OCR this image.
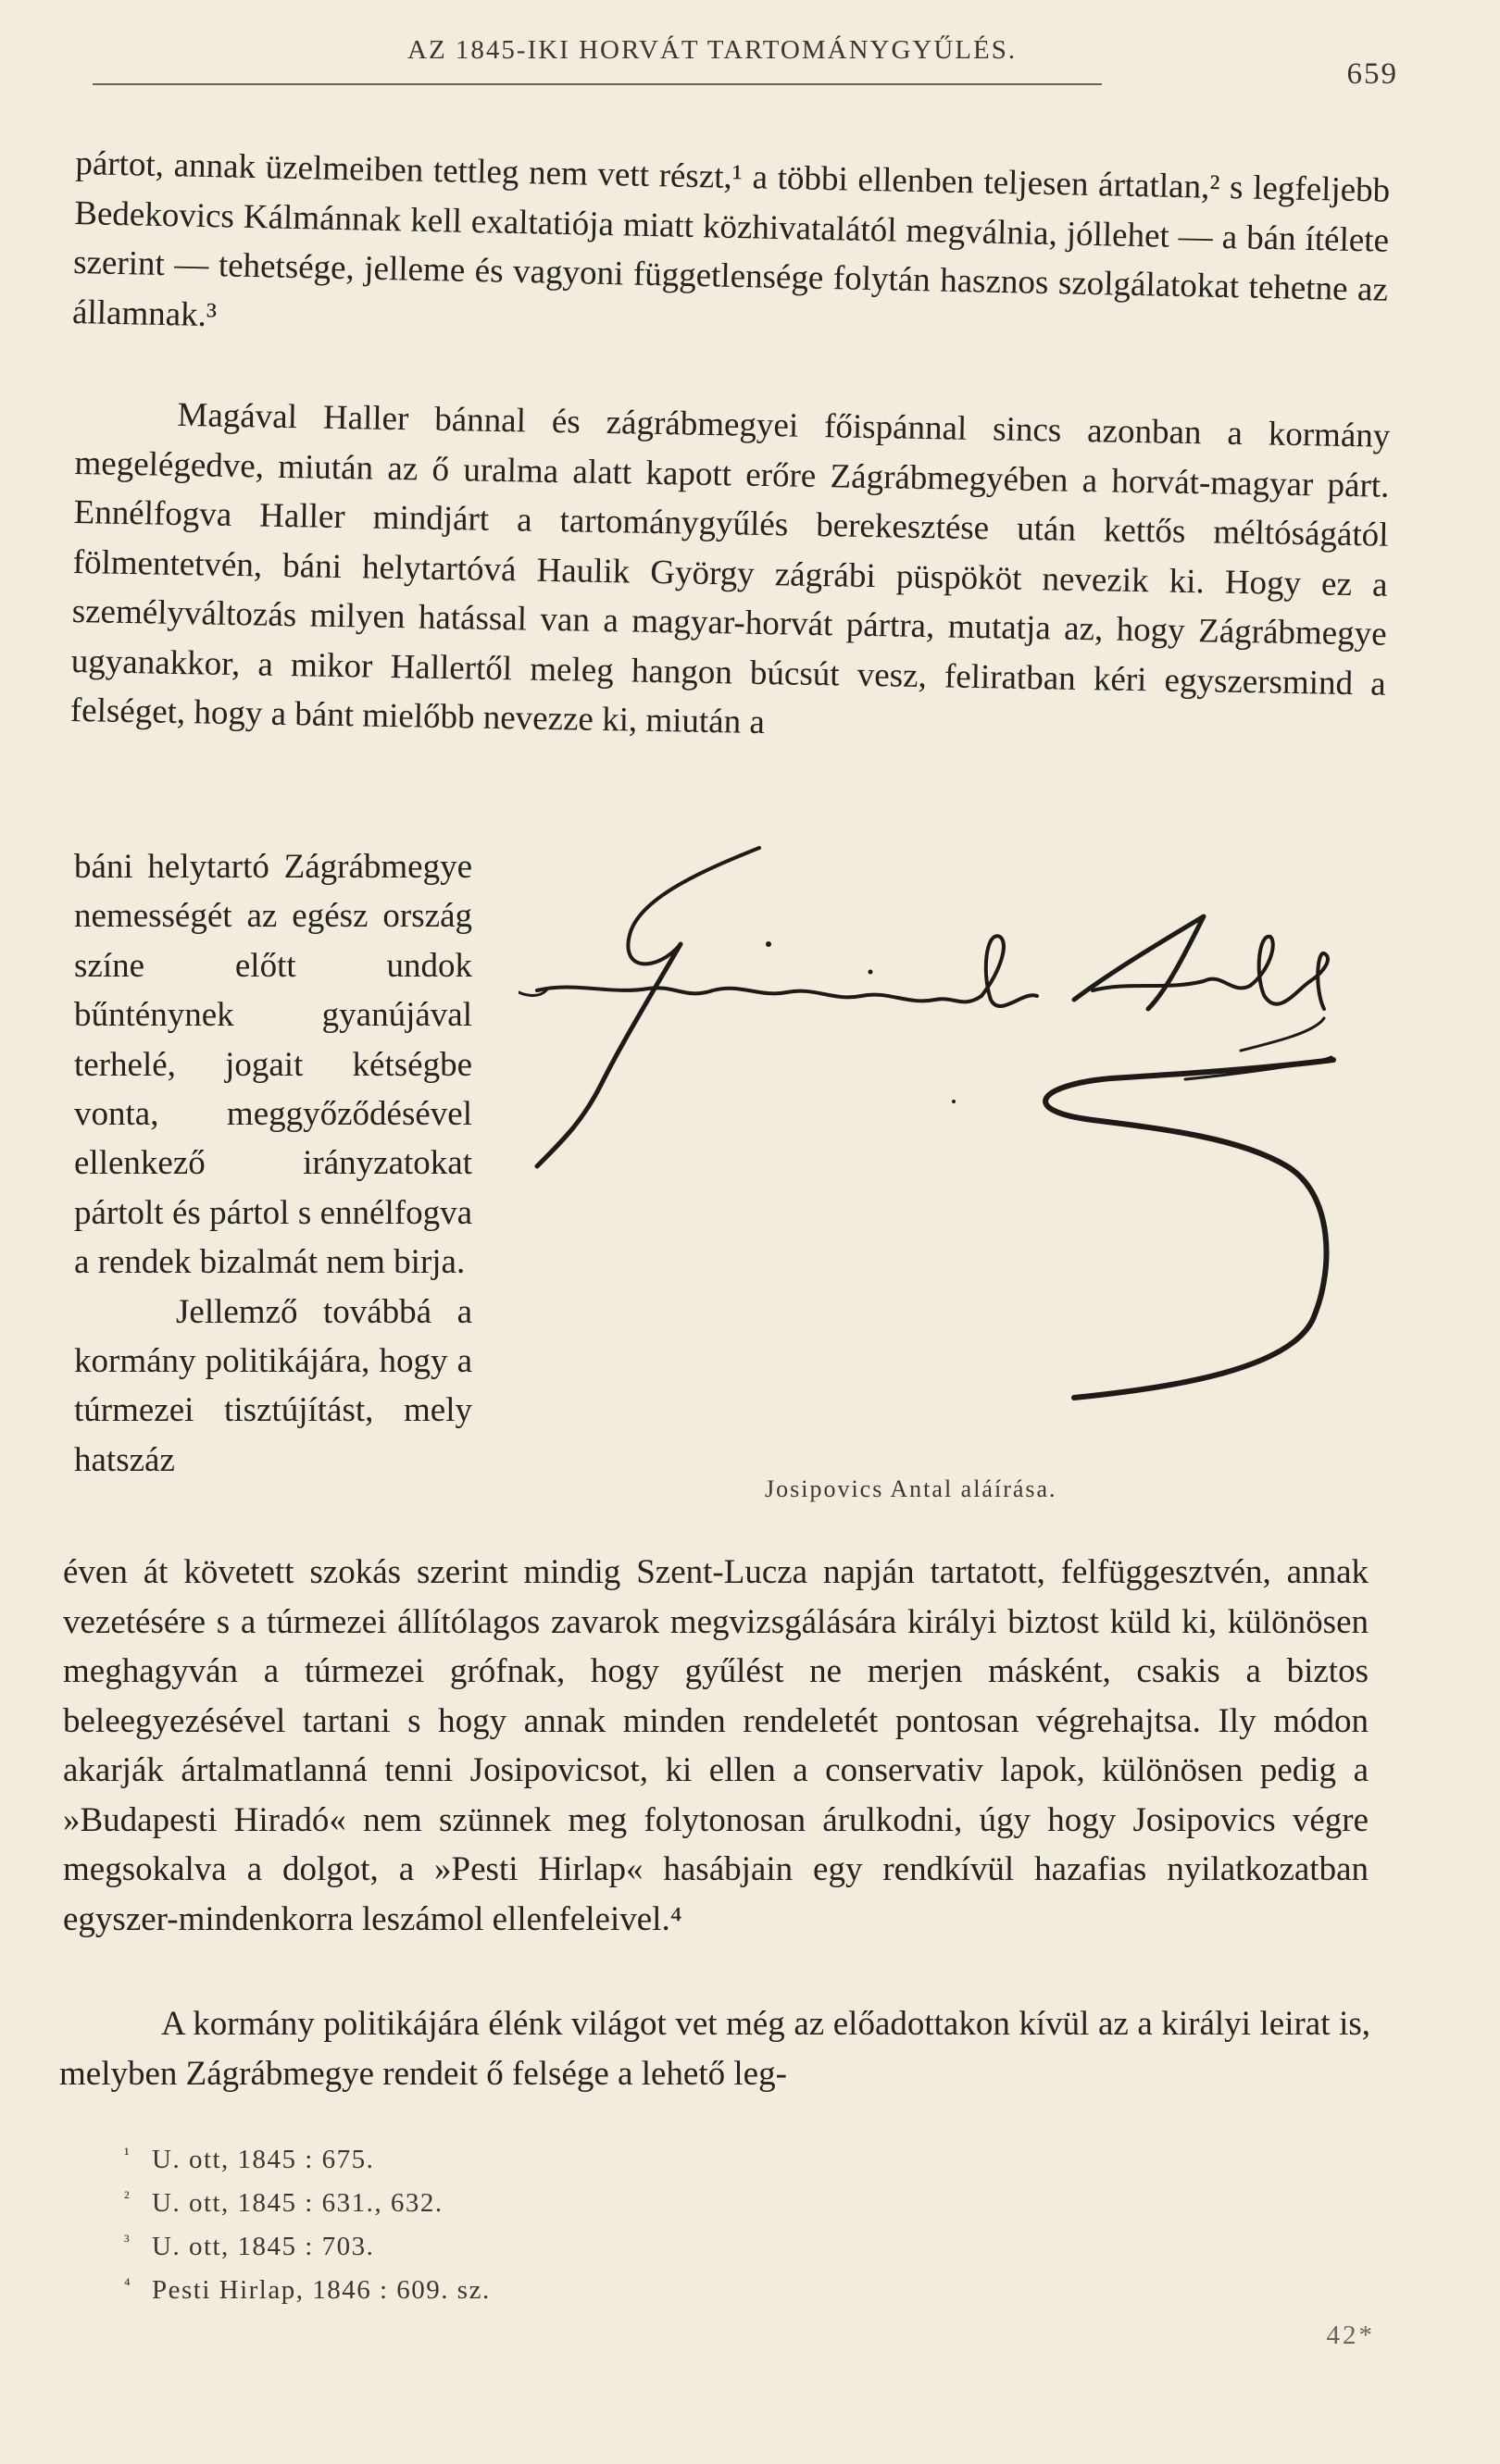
AZ 1845-IKI HORVÁT TARTOMÁNYGYŰLÉS.
659

pártot, annak üzelmeiben tettleg nem vett részt,¹ a többi ellenben teljesen ártatlan,² s legfeljebb Bedekovics Kálmánnak kell exaltatiója miatt közhivatalától megválnia, jóllehet — a bán ítélete szerint — tehetsége, jelleme és vagyoni függetlensége folytán hasznos szolgálatokat tehetne az államnak.³

Magával Haller bánnal és zágrábmegyei főispánnal sincs azonban a kormány megelégedve, miután az ő uralma alatt kapott erőre Zágrábmegyében a horvát-magyar párt. Ennélfogva Haller mindjárt a tartománygyűlés berekesztése után kettős méltóságától fölmentetvén, báni helytartóvá Haulik György zágrábi püspököt nevezik ki. Hogy ez a személyváltozás milyen hatással van a magyar-horvát pártra, mutatja az, hogy Zágrábmegye ugyanakkor, a mikor Hallertől meleg hangon búcsút vesz, feliratban kéri egyszersmind a felséget, hogy a bánt mielőbb nevezze ki, miután a

báni helytartó Zágrábmegye nemességét az egész ország színe előtt undok bűnténynek gyanújával terhelé, jogait kétségbe vonta, meggyőződésével ellenkező irányzatokat pártolt és pártol s ennélfogva a rendek bizalmát nem birja.
Jellemző továbbá a kormány politikájára, hogy a túrmezei tisztújítást, mely hatszáz

Josipovics Antal aláírása.

éven át követett szokás szerint mindig Szent-Lucza napján tartatott, felfüggesztvén, annak vezetésére s a túrmezei állítólagos zavarok megvizsgálására királyi biztost küld ki, különösen meghagyván a túrmezei grófnak, hogy gyűlést ne merjen másként, csakis a biztos beleegyezésével tartani s hogy annak minden rendeletét pontosan végrehajtsa. Ily módon akarják ártalmatlanná tenni Josipovicsot, ki ellen a conservativ lapok, különösen pedig a »Budapesti Hiradó« nem szünnek meg folytonosan árulkodni, úgy hogy Josipovics végre megsokalva a dolgot, a »Pesti Hirlap« hasábjain egy rendkívül hazafias nyilatkozatban egyszer-mindenkorra leszámol ellenfeleivel.⁴

A kormány politikájára élénk világot vet még az előadottakon kívül az a királyi leirat is, melyben Zágrábmegye rendeit ő felsége a lehető leg-

¹ U. ott, 1845 : 675.
² U. ott, 1845 : 631., 632.
³ U. ott, 1845 : 703.
⁴ Pesti Hirlap, 1846 : 609. sz.
42*
